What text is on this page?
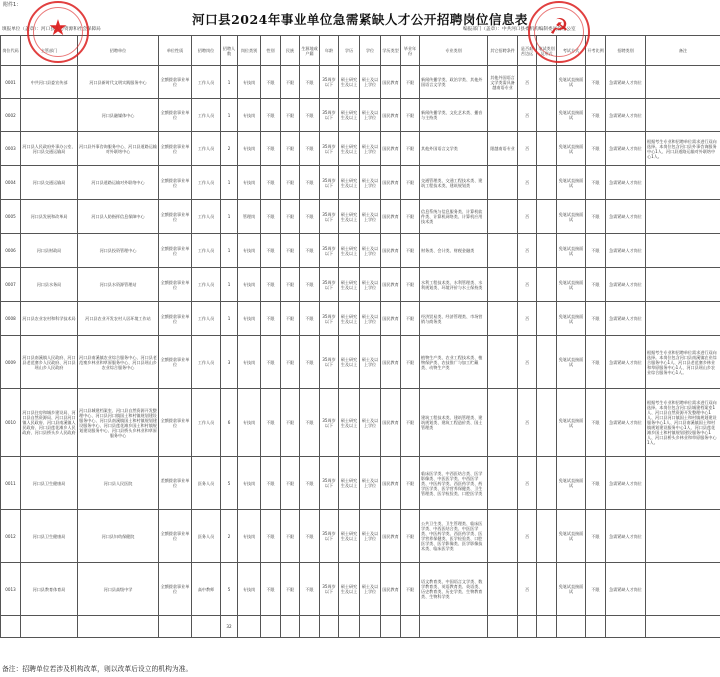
附件1：
河口县2024年事业单位急需紧缺人才公开招聘岗位信息表
填报单位（盖章）：河口县人力资源和社会保障局	编报部门（盖章）：中共河口县委机构编制委员会办公室
岗位代码	主管部门	招聘单位	单位性质	招聘岗位	招聘人数	岗位类别	性别	民族	生源地或户籍	年龄	学历	学位	学历类型	毕业年份	专业类别	其它招聘条件	是否艰苦边远	笔试类别及形式	考试方式	开考比例	招聘类别	备注
0001	中共河口县委宣传部	河口县新时代文明实践服务中心	全额拨款事业单位	工作人员	1	专技岗	不限	不限	不限	35周岁以下	硕士研究生及以上	硕士及以上学位	国民教育	不限	新闻传播学类、政治学类、其他外国语言文学类	其他外国语言文学类需具备越南语专业	否		免笔试直接面试	不限	急需紧缺人才岗位	
0002		河口县融媒体中心	全额拨款事业单位	工作人员	1	专技岗	不限	不限	不限	35周岁以下	硕士研究生及以上	硕士及以上学位	国民教育	不限	新闻传播学类、文化艺术类、播音与主持类		否		免笔试直接面试	不限	急需紧缺人才岗位	
0003	河口县人民政府外事办公室、河口县交通运输局	河口县外事咨询服务中心、河口县道路运输对外联络中心	全额拨款事业单位	工作人员	2	专技岗	不限	不限	不限	35周岁以下	硕士研究生及以上	硕士及以上学位	国民教育	不限	其他外国语言文学类	限越南语专业	否		免笔试直接面试	不限	急需紧缺人才岗位	根据考生专业和招聘单位需求进行双向选择。本岗位包含河口县外事咨询服务中心1人、河口县道路运输对外联络中心1人。
0004	河口县交通运输局	河口县道路运输对外联络中心	全额拨款事业单位	工作人员	1	专技岗	不限	不限	不限	35周岁以下	硕士研究生及以上	硕士及以上学位	国民教育	不限	交通管理类、交通工程技术类、建筑工程技术类、建筑规划类		否		免笔试直接面试	不限	急需紧缺人才岗位	
0005	河口县发展和改革局	河口县人防指挥信息保障中心	全额拨款事业单位	工作人员	1	管理岗	不限	不限	不限	35周岁以下	硕士研究生及以上	硕士及以上学位	国民教育	不限	信息系统与信息服务类、计算机软件类、计算机网络类、计算机应用技术类		否		免笔试直接面试	不限	急需紧缺人才岗位	
0006	河口县财政局	河口县投资管理中心	全额拨款事业单位	工作人员	1	专技岗	不限	不限	不限	35周岁以下	硕士研究生及以上	硕士及以上学位	国民教育	不限	财务类、会计类、财税金融类		否		免笔试直接面试	不限	急需紧缺人才岗位	
0007	河口县水务局	河口县水资源管理站	全额拨款事业单位	工作人员	1	专技岗	不限	不限	不限	35周岁以下	硕士研究生及以上	硕士及以上学位	国民教育	不限	水利工程技术类、水利管理类、水利规划类、环境评价与水土保持类		否		免笔试直接面试	不限	急需紧缺人才岗位	
0008	河口县农业农村和科学技术局	河口县农业开发农村人居环境工作站	全额拨款事业单位	工作人员	1	专技岗	不限	不限	不限	35周岁以下	硕士研究生及以上	硕士及以上学位	国民教育	不限	经济贸易类、经济管理类、市场营销与商务类		否		免笔试直接面试	不限	急需紧缺人才岗位	
0009	河口县南溪镇人民政府、河口县老范寨乡人民政府、河口县瑶山乡人民政府	河口县南溪镇农业综合服务中心、河口县老范寨乡林业和草原服务中心、河口县瑶山乡农业综合服务中心	全额拨款事业单位	工作人员	3	专技岗	不限	不限	不限	35周岁以下	硕士研究生及以上	硕士及以上学位	国民教育	不限	植物生产类、农业工程技术类、植物保护类、农技推广与加工贮藏类、动物生产类		否		免笔试直接面试	不限	急需紧缺人才岗位	根据考生专业和招聘单位需求进行双向选择。本岗位包含河口县南溪镇农业综合服务中心1人、河口县老范寨乡林业和草原服务中心1人、河口县瑶山乡农业综合服务中心1人。
0010	河口县住房和城乡建设局、河口县自然资源局、河口县河口镇人民政府、河口县南溪镇人民政府、河口县莲花滩乡人民政府、河口县桥头乡人民政府	河口县城建档案室、河口县自然资源开发整理中心、河口县河口镇国土和村镇规划建设服务中心、河口县南溪镇国土和村镇规划建设服务中心、河口县莲花滩乡国土和村镇规划建设服务中心、河口县桥头乡林业和草原服务中心	全额拨款事业单位	工作人员	6	专技岗	不限	不限	不限	35周岁以下	硕士研究生及以上	硕士及以上学位	国民教育	不限	建筑工程技术类、建筑管理类、建筑规划类、建筑工程造价类、国土管理类		否		免笔试直接面试	不限	急需紧缺人才岗位	根据考生专业和招聘单位需求进行双向选择。本岗位包含河口县城建档案室1人、河口县自然资源开发整理中心1人、河口县河口镇国土和村镇规划建设服务中心1人、河口县南溪镇国土和村镇规划建设服务中心1人、河口县莲花滩乡国土和村镇规划建设服务中心1人、河口县桥头乡林业和草原服务中心1人。
0011	河口县卫生健康局	河口县人民医院	差额拨款事业单位	医务人员	5	专技岗	不限	不限	不限	35周岁以下	硕士研究生及以上	硕士及以上学位	国民教育	不限	临床医学类、中西医结合类、医学影像类、中医医学类、中西医学类、中医药学类、西医药学类、药学医学类、医学营养保健类、卫生管理类、医学检验类、口腔医学类		否		免笔试直接面试	不限	急需紧缺人才岗位	
0012	河口县卫生健康局	河口县妇幼保健院	全额拨款事业单位	医务人员	2	专技岗	不限	不限	不限	35周岁以下	硕士研究生及以上	硕士及以上学位	国民教育	不限	公共卫生类、卫生管理类、临床医学类、中西医结合类、中医医学类、中医药学类、西医药学类、医学营养保健类、医学检验类、口腔医学类、医学影像类、医学影像技术类、临床医学类		否		免笔试直接面试	不限	急需紧缺人才岗位	
0013	河口县教育体育局	河口县高级中学	全额拨款事业单位	高中教师	5	专技岗	不限	不限	不限	35周岁以下	硕士研究生及以上	硕士及以上学位	国民教育	不限	语文教育类、中国语言文学类、数学教育类、英语教育类、英语类、历史教育类、历史学类、生物教育类、生物科学类		否		免笔试直接面试	不限	急需紧缺人才岗位	
					32																	
★	☭
备注：招聘单位若涉及机构改革，则以改革后设立的机构为准。
